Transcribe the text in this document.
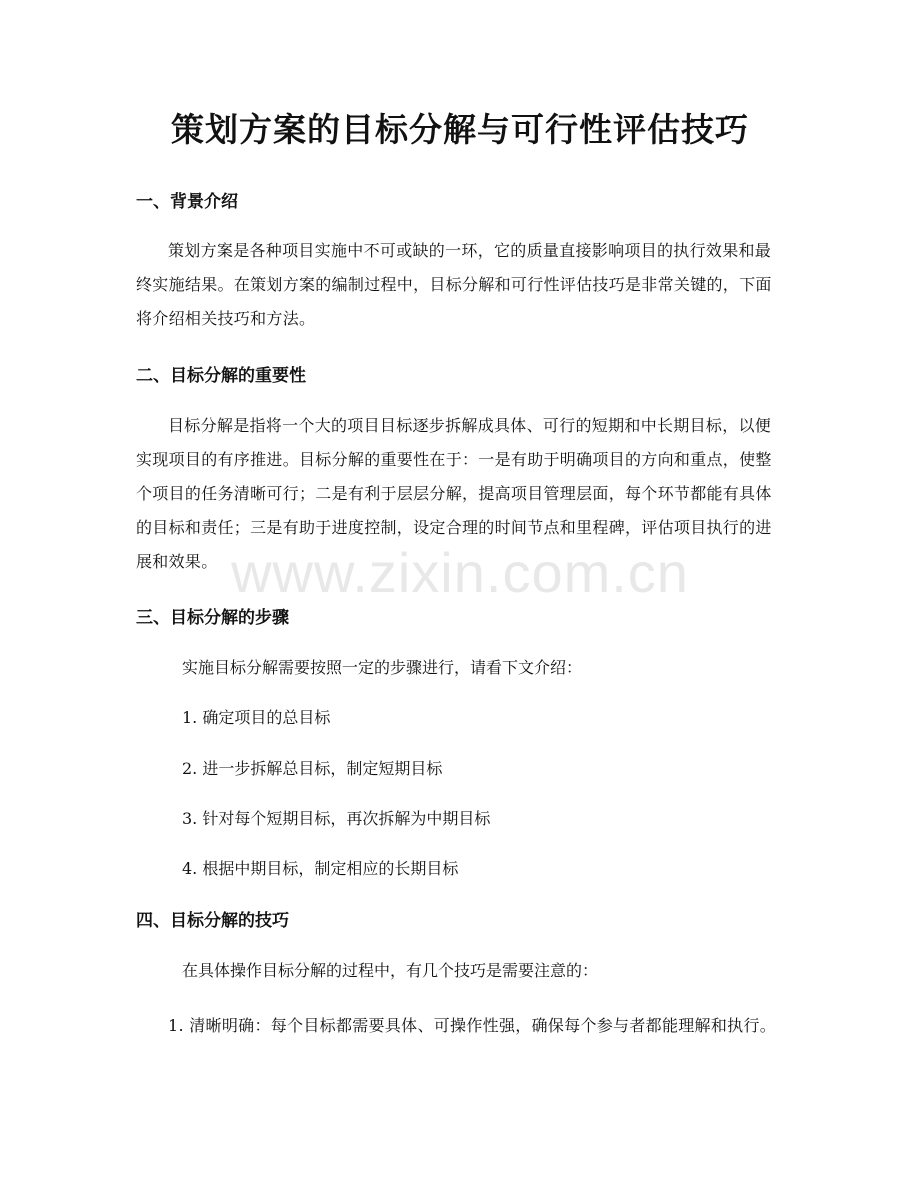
策划方案的目标分解与可行性评估技巧
一、背景介绍

策划方案是各种项目实施中不可或缺的一环，它的质量直接影响项目的执行效果和最终实施结果。在策划方案的编制过程中，目标分解和可行性评估技巧是非常关键的，下面将介绍相关技巧和方法。

二、目标分解的重要性

目标分解是指将一个大的项目目标逐步拆解成具体、可行的短期和中长期目标，以便实现项目的有序推进。目标分解的重要性在于：一是有助于明确项目的方向和重点，使整个项目的任务清晰可行；二是有利于层层分解，提高项目管理层面，每个环节都能有具体的目标和责任；三是有助于进度控制，设定合理的时间节点和里程碑，评估项目执行的进展和效果。

三、目标分解的步骤

实施目标分解需要按照一定的步骤进行，请看下文介绍：

1. 确定项目的总目标

2. 进一步拆解总目标，制定短期目标

3. 针对每个短期目标，再次拆解为中期目标

4. 根据中期目标，制定相应的长期目标

四、目标分解的技巧

在具体操作目标分解的过程中，有几个技巧是需要注意的：

1. 清晰明确：每个目标都需要具体、可操作性强，确保每个参与者都能理解和执行。

www.zixin.com.cn
